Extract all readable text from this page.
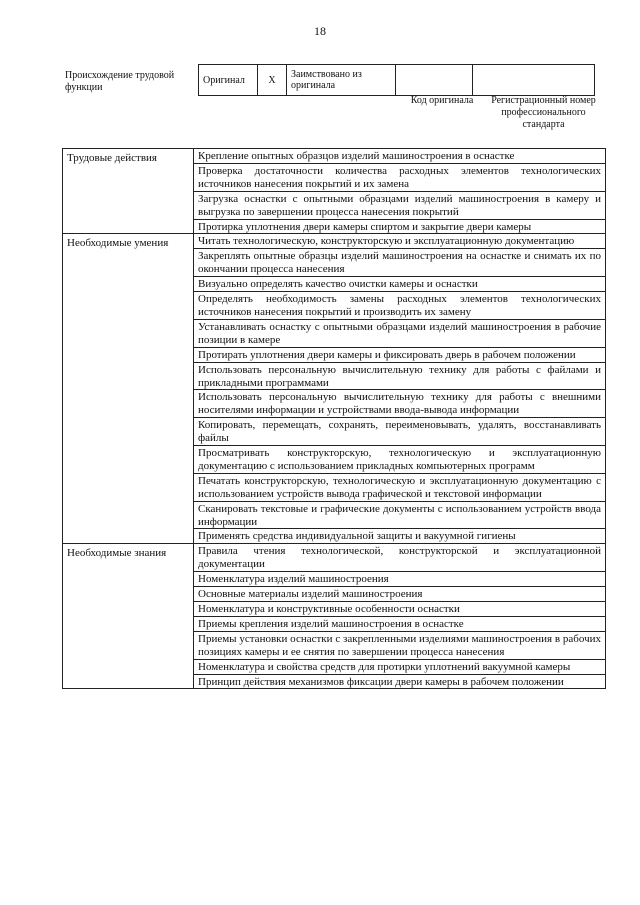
18
Происхождение трудовой функции
Оригинал	X	Заимствовано из оригинала		
Код оригинала	Регистрационный номер профессионального стандарта
Трудовые действия	Крепление опытных образцов изделий машиностроения в оснастке
	Проверка достаточности количества расходных элементов технологических источников нанесения покрытий и их замена
	Загрузка оснастки с опытными образцами изделий машиностроения в камеру и выгрузка по завершении процесса нанесения покрытий
	Протирка уплотнения двери камеры спиртом и закрытие двери камеры
Необходимые умения	Читать технологическую, конструкторскую и эксплуатационную документацию
	Закреплять опытные образцы изделий машиностроения на оснастке и снимать их по окончании процесса нанесения
	Визуально определять качество очистки камеры и оснастки
	Определять необходимость замены расходных элементов технологических источников нанесения покрытий и производить их замену
	Устанавливать оснастку с опытными образцами изделий машиностроения в рабочие позиции в камере
	Протирать уплотнения двери камеры и фиксировать дверь в рабочем положении
	Использовать персональную вычислительную технику для работы с файлами и прикладными программами
	Использовать персональную вычислительную технику для работы с внешними носителями информации и устройствами ввода-вывода информации
	Копировать, перемещать, сохранять, переименовывать, удалять, восстанавливать файлы
	Просматривать конструкторскую, технологическую и эксплуатационную документацию с использованием прикладных компьютерных программ
	Печатать конструкторскую, технологическую и эксплуатационную документацию с использованием устройств вывода графической и текстовой информации
	Сканировать текстовые и графические документы с использованием устройств ввода информации
	Применять средства индивидуальной защиты и вакуумной гигиены
Необходимые знания	Правила чтения технологической, конструкторской и эксплуатационной документации
	Номенклатура изделий машиностроения
	Основные материалы изделий машиностроения
	Номенклатура и конструктивные особенности оснастки
	Приемы крепления изделий машиностроения в оснастке
	Приемы установки оснастки с закрепленными изделиями машиностроения в рабочих позициях камеры и ее снятия по завершении процесса нанесения
	Номенклатура и свойства средств для протирки уплотнений вакуумной камеры
	Принцип действия механизмов фиксации двери камеры в рабочем положении
